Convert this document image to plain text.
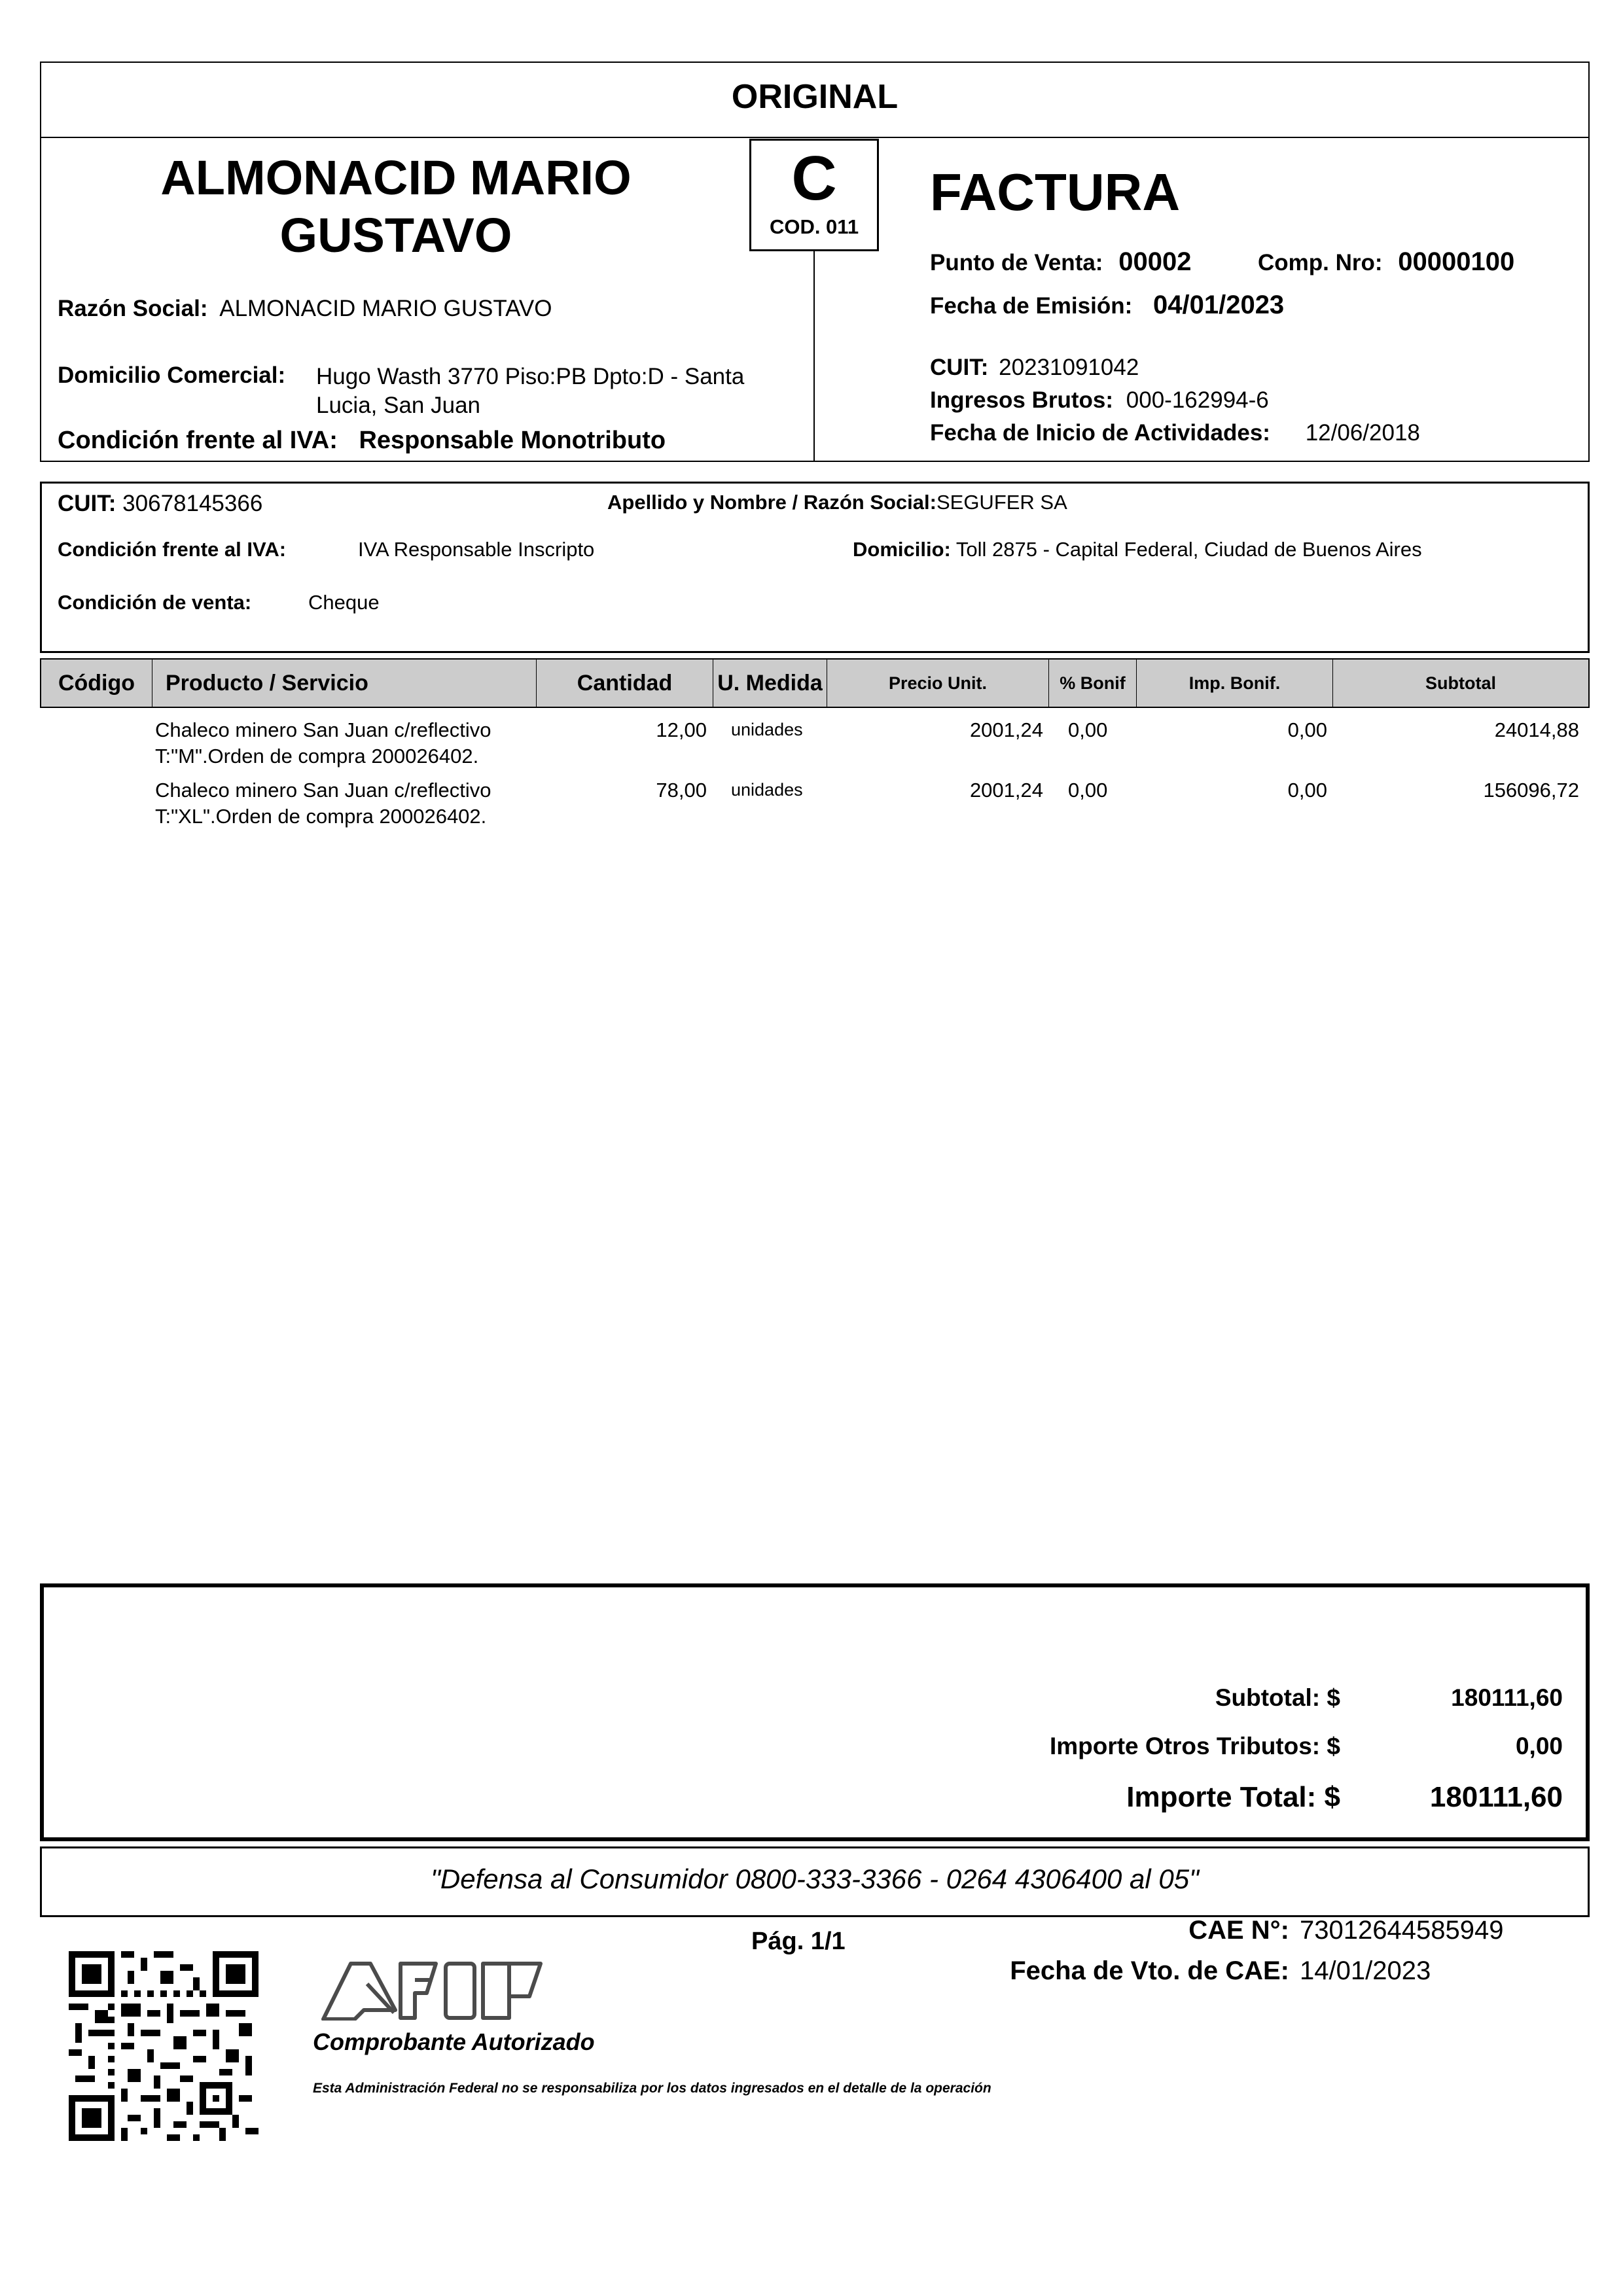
ORIGINAL
ALMONACID MARIO
GUSTAVO
C
COD. 011
Razón Social: ALMONACID MARIO GUSTAVO
Domicilio Comercial: Hugo Wasth 3770 Piso:PB Dpto:D - Santa
Lucia, San Juan
Condición frente al IVA: Responsable Monotributo
FACTURA
Punto de Venta: 00002	Comp. Nro: 00000100
Fecha de Emisión: 04/01/2023
CUIT: 20231091042
Ingresos Brutos: 000-162994-6
Fecha de Inicio de Actividades: 12/06/2018
CUIT: 30678145366	Apellido y Nombre / Razón Social:SEGUFER SA
Condición frente al IVA:	IVA Responsable Inscripto	Domicilio: Toll 2875 - Capital Federal, Ciudad de Buenos Aires
Condición de venta:	Cheque
Código	Producto / Servicio	Cantidad	U. Medida	Precio Unit.	% Bonif	Imp. Bonif.	Subtotal
Chaleco minero San Juan c/reflectivo
T:"M".Orden de compra 200026402.
12,00 unidades	2001,24 0,00	0,00	24014,88
Chaleco minero San Juan c/reflectivo
T:"XL".Orden de compra 200026402.
78,00 unidades	2001,24 0,00	0,00	156096,72
Subtotal: $	180111,60
Importe Otros Tributos: $	0,00
Importe Total: $	180111,60
"Defensa al Consumidor 0800-333-3366 - 0264 4306400 al 05"
Comprobante Autorizado
Esta Administración Federal no se responsabiliza por los datos ingresados en el detalle de la operación
Pág. 1/1	CAE N°: 73012644585949
Fecha de Vto. de CAE: 14/01/2023
